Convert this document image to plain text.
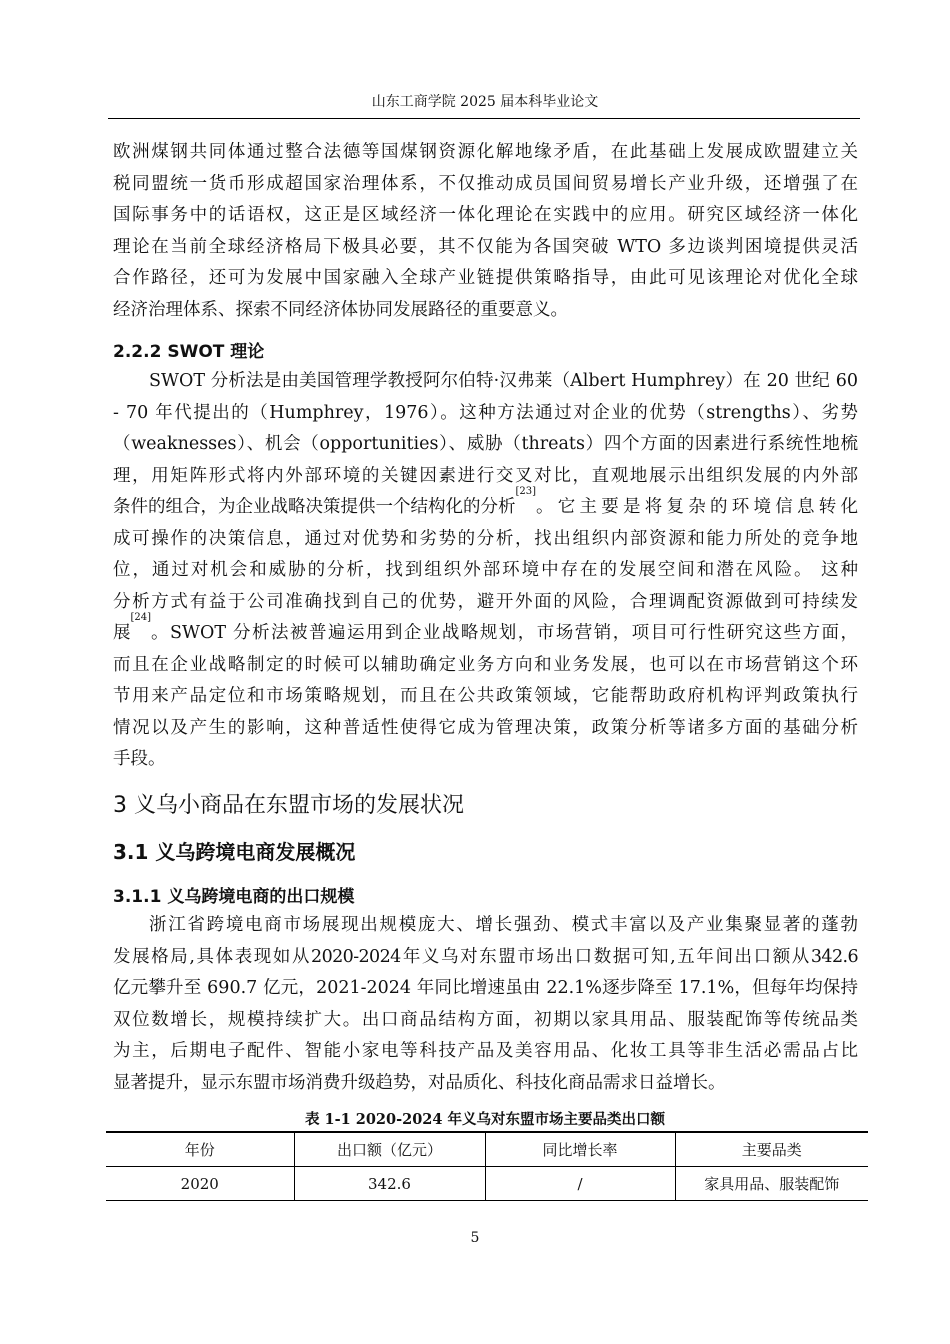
山东工商学院 2025 届本科毕业论文
欧洲煤钢共同体通过整合法德等国煤钢资源化解地缘矛盾，在此基础上发展成欧盟建立关
税同盟统一货币形成超国家治理体系，不仅推动成员国间贸易增长产业升级，还增强了在
国际事务中的话语权，这正是区域经济一体化理论在实践中的应用。研究区域经济一体化
理论在当前全球经济格局下极具必要，其不仅能为各国突破 WTO 多边谈判困境提供灵活
合作路径，还可为发展中国家融入全球产业链提供策略指导，由此可见该理论对优化全球
经济治理体系、探索不同经济体协同发展路径的重要意义。
2.2.2 SWOT 理论
SWOT 分析法是由美国管理学教授阿尔伯特·汉弗莱（Albert Humphrey）在 20 世纪 60
- 70 年代提出的（Humphrey，1976）。这种方法通过对企业的优势（strengths）、劣势
（weaknesses）、机会（opportunities）、威胁（threats）四个方面的因素进行系统性地梳
理，用矩阵形式将内外部环境的关键因素进行交叉对比，直观地展示出组织发展的内外部
条件的组合，为企业战略决策提供一个结构化的分析
[23]
。它主要是将复杂的环境信息转化
成可操作的决策信息，通过对优势和劣势的分析，找出组织内部资源和能力所处的竞争地
位，通过对机会和威胁的分析，找到组织外部环境中存在的发展空间和潜在风险。 这种
分析方式有益于公司准确找到自己的优势，避开外面的风险，合理调配资源做到可持续发
展
[24]
。SWOT 分析法被普遍运用到企业战略规划，市场营销，项目可行性研究这些方面，
而且在企业战略制定的时候可以辅助确定业务方向和业务发展，也可以在市场营销这个环
节用来产品定位和市场策略规划，而且在公共政策领域，它能帮助政府机构评判政策执行
情况以及产生的影响，这种普适性使得它成为管理决策，政策分析等诸多方面的基础分析
手段。
3 义乌小商品在东盟市场的发展状况
3.1 义乌跨境电商发展概况
3.1.1 义乌跨境电商的出口规模
浙江省跨境电商市场展现出规模庞大、增长强劲、模式丰富以及产业集聚显著的蓬勃
发展格局,具体表现如从2020-2024年义乌对东盟市场出口数据可知,五年间出口额从342.6
亿元攀升至 690.7 亿元，2021-2024 年同比增速虽由 22.1%逐步降至 17.1%，但每年均保持
双位数增长，规模持续扩大。出口商品结构方面，初期以家具用品、服装配饰等传统品类
为主，后期电子配件、智能小家电等科技产品及美容用品、化妆工具等非生活必需品占比
显著提升，显示东盟市场消费升级趋势，对品质化、科技化商品需求日益增长。
表 1-1 2020-2024 年义乌对东盟市场主要品类出口额
年份	出口额（亿元）	同比增长率	主要品类
2020	342.6	/	家具用品、服装配饰
5
